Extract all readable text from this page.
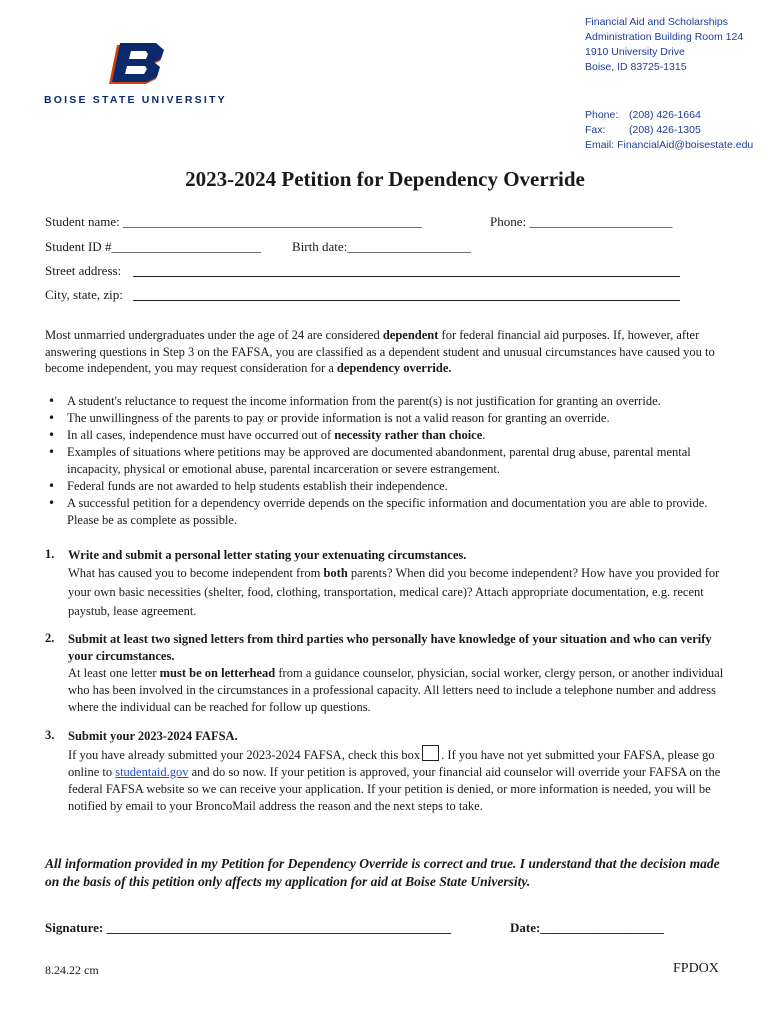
BOISE STATE UNIVERSITY
Financial Aid and Scholarships
Administration Building Room 124
1910 University Drive
Boise, ID 83725-1315
Phone: (208) 426-1664
Fax: (208) 426-1305
Email: FinancialAid@boisestate.edu
2023-2024 Petition for Dependency Override
Student name: ______________________________________________	Phone: ______________________
Student ID #_______________________ Birth date:___________________
Street address:
City, state, zip:
Most unmarried undergraduates under the age of 24 are considered dependent for federal financial aid purposes. If, however, after answering questions in Step 3 on the FAFSA, you are classified as a dependent student and unusual circumstances have caused you to become independent, you may request consideration for a dependency override.
• A student's reluctance to request the income information from the parent(s) is not justification for granting an override.
• The unwillingness of the parents to pay or provide information is not a valid reason for granting an override.
• In all cases, independence must have occurred out of necessity rather than choice.
• Examples of situations where petitions may be approved are documented abandonment, parental drug abuse, parental mental incapacity, physical or emotional abuse, parental incarceration or severe estrangement.
• Federal funds are not awarded to help students establish their independence.
• A successful petition for a dependency override depends on the specific information and documentation you are able to provide. Please be as complete as possible.
1. Write and submit a personal letter stating your extenuating circumstances.
What has caused you to become independent from both parents? When did you become independent? How have you provided for your own basic necessities (shelter, food, clothing, transportation, medical care)? Attach appropriate documentation, e.g. recent paystub, lease agreement.
2. Submit at least two signed letters from third parties who personally have knowledge of your situation and who can verify your circumstances.
At least one letter must be on letterhead from a guidance counselor, physician, social worker, clergy person, or another individual who has been involved in the circumstances in a professional capacity. All letters need to include a telephone number and address where the individual can be reached for follow up questions.
3. Submit your 2023-2024 FAFSA.
If you have already submitted your 2023-2024 FAFSA, check this box . If you have not yet submitted your FAFSA, please go online to studentaid.gov and do so now. If your petition is approved, your financial aid counselor will override your FAFSA on the federal FAFSA website so we can receive your application. If your petition is denied, or more information is needed, you will be notified by email to your BroncoMail address the reason and the next steps to take.
All information provided in my Petition for Dependency Override is correct and true. I understand that the decision made on the basis of this petition only affects my application for aid at Boise State University.
Signature: _____________________________________________________	Date:___________________
8.24.22 cm	FPDOX
